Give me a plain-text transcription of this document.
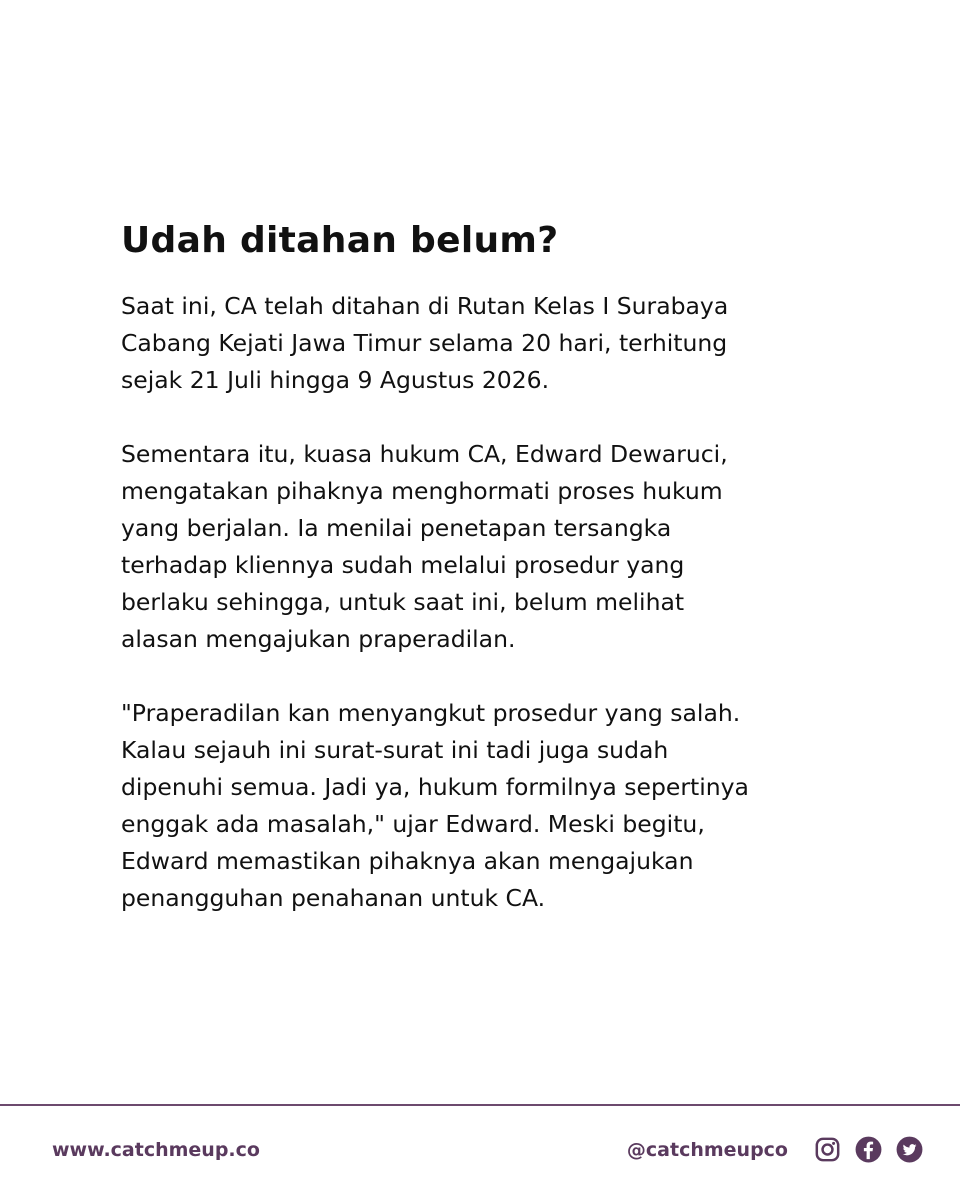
Udah ditahan belum?

Saat ini, CA telah ditahan di Rutan Kelas I Surabaya
Cabang Kejati Jawa Timur selama 20 hari, terhitung
sejak 21 Juli hingga 9 Agustus 2026.

Sementara itu, kuasa hukum CA, Edward Dewaruci,
mengatakan pihaknya menghormati proses hukum
yang berjalan. Ia menilai penetapan tersangka
terhadap kliennya sudah melalui prosedur yang
berlaku sehingga, untuk saat ini, belum melihat
alasan mengajukan praperadilan.

"Praperadilan kan menyangkut prosedur yang salah.
Kalau sejauh ini surat-surat ini tadi juga sudah
dipenuhi semua. Jadi ya, hukum formilnya sepertinya
enggak ada masalah," ujar Edward. Meski begitu,
Edward memastikan pihaknya akan mengajukan
penangguhan penahanan untuk CA.

www.catchmeup.co	@catchmeupco
